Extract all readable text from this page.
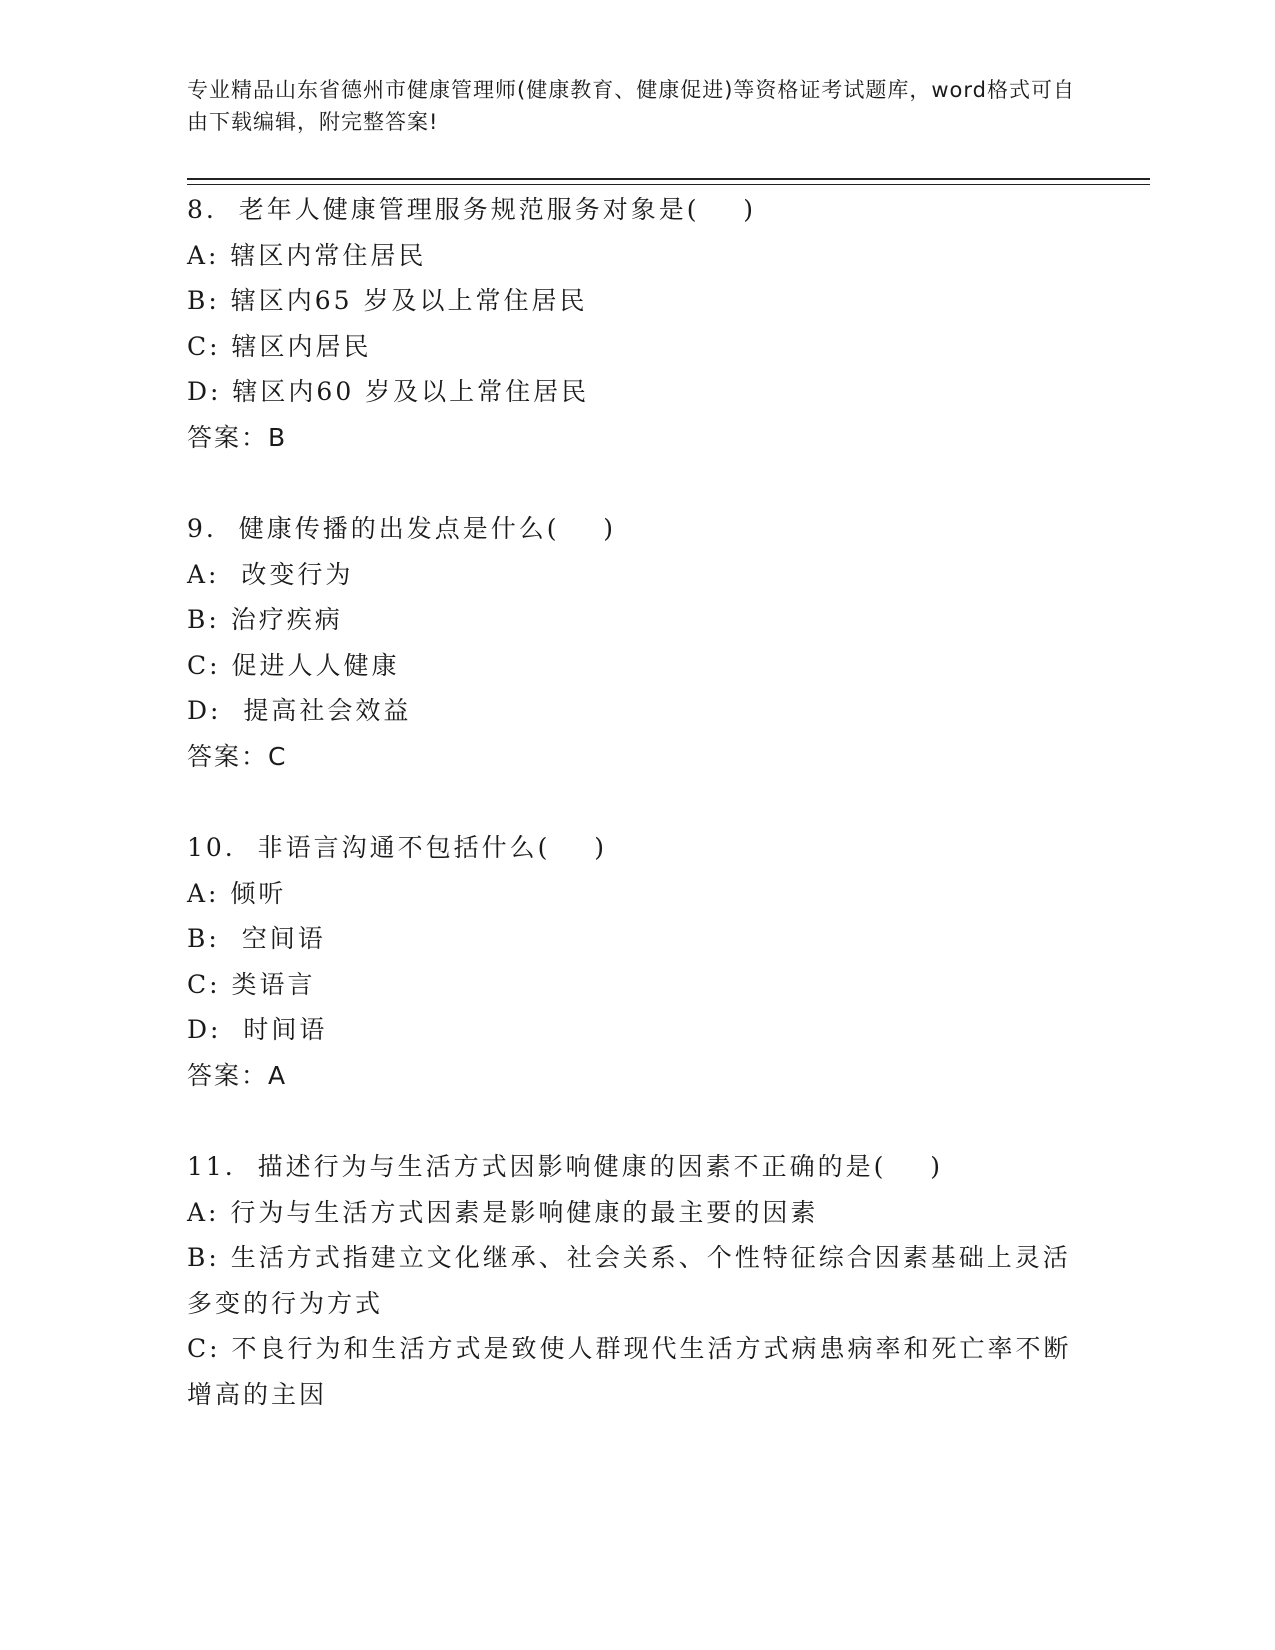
专业精品山东省德州市健康管理师(健康教育、健康促进)等资格证考试题库，word格式可自由下载编辑，附完整答案!
8.  老年人健康管理服务规范服务对象是(    )
A: 辖区内常住居民
B: 辖区内65 岁及以上常住居民
C: 辖区内居民
D: 辖区内60 岁及以上常住居民
答案：B
9.  健康传播的出发点是什么(    )
A:  改变行为
B: 治疗疾病
C: 促进人人健康
D:  提高社会效益
答案：C
10.  非语言沟通不包括什么(    )
A: 倾听
B:  空间语
C: 类语言
D:  时间语
答案：A
11.  描述行为与生活方式因影响健康的因素不正确的是(    )
A: 行为与生活方式因素是影响健康的最主要的因素
B: 生活方式指建立文化继承、社会关系、个性特征综合因素基础上灵活多变的行为方式
C: 不良行为和生活方式是致使人群现代生活方式病患病率和死亡率不断增高的主因
